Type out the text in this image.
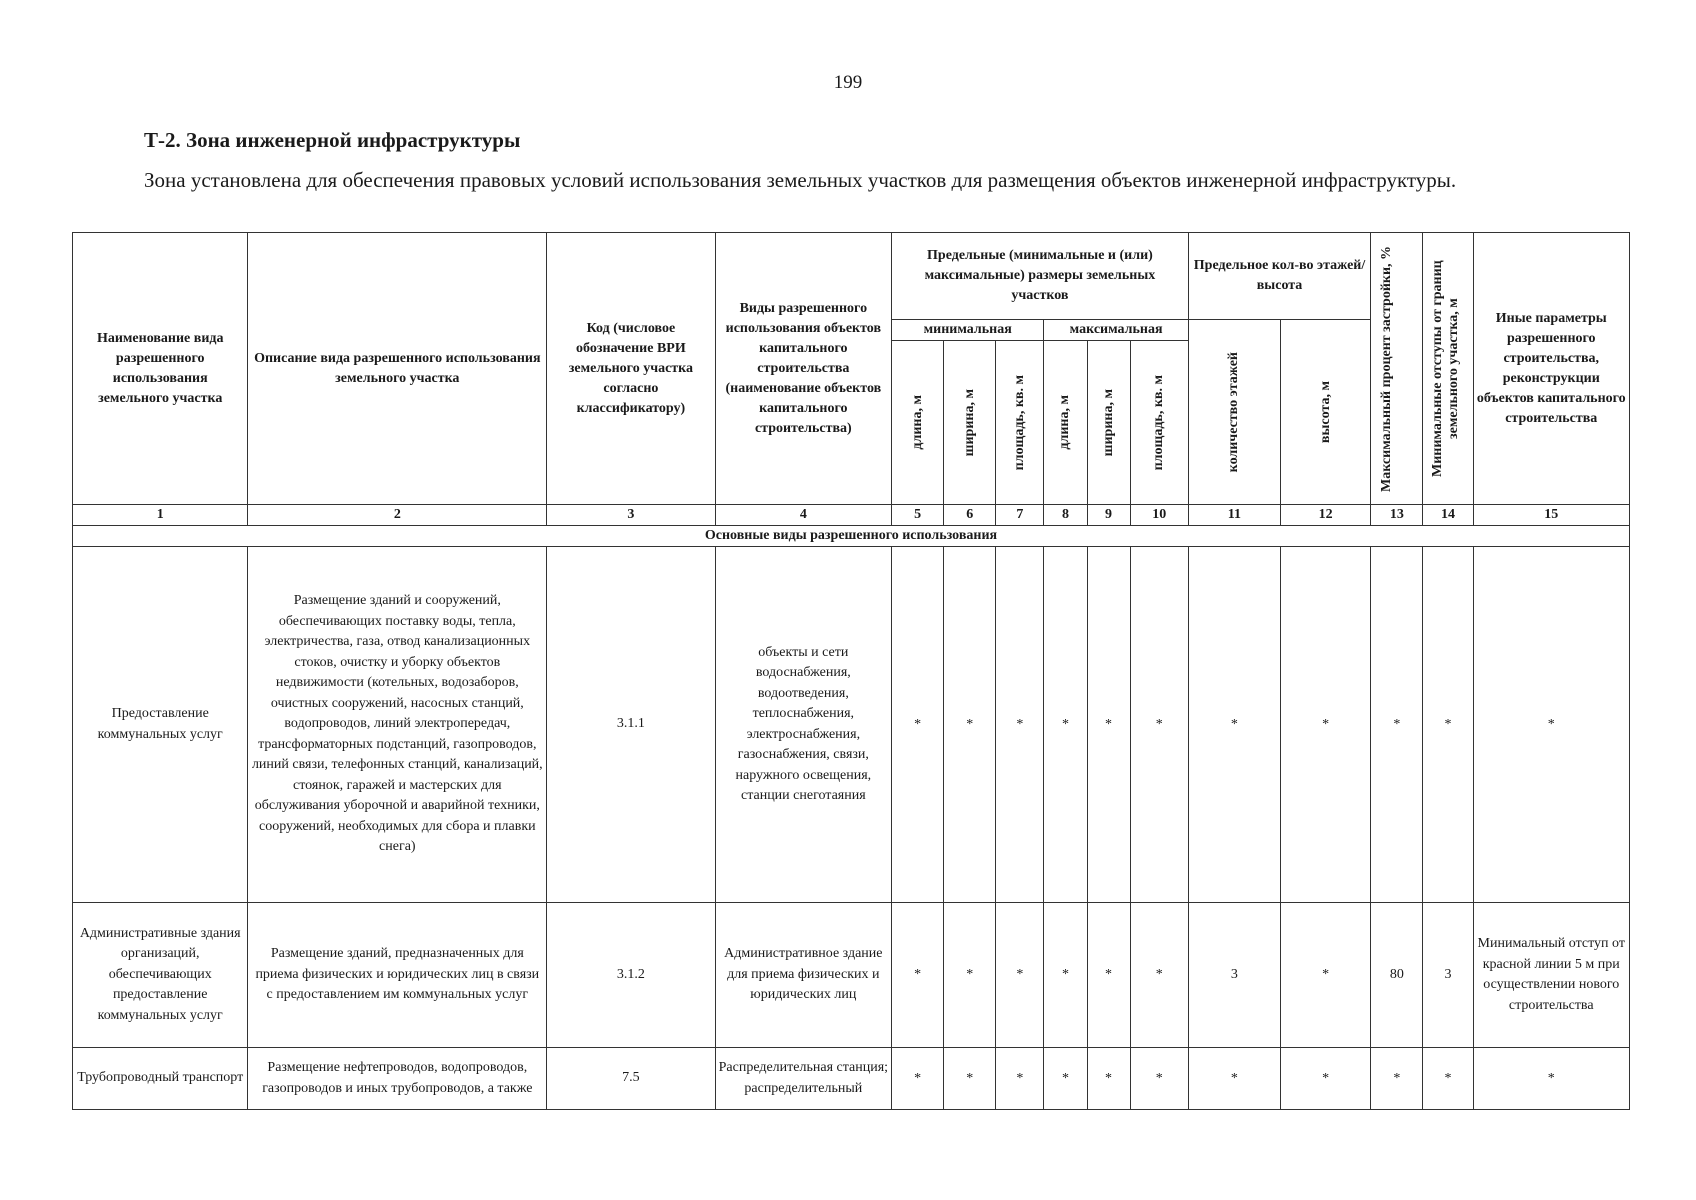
199
Т-2. Зона инженерной инфраструктуры

Зона установлена для обеспечения правовых условий использования земельных участков для размещения объектов инженерной инфраструктуры.

Наименование вида разрешенного использования земельного участка	Описание вида разрешенного использования земельного участка	Код (числовое обозначение ВРИ земельного участка согласно классификатору)	Виды разрешенного использования объектов капитального строительства (наименование объектов капитального строительства)	Предельные (минимальные и (или) максимальные) размеры земельных участков						Предельное кол-во этажей/высота		Максимальный процент застройки, %	Минимальные отступы от границ земельного участка, м	Иные параметры разрешенного строительства, реконструкции объектов капитального строительства
				минимальная			максимальная			количество этажей	высота, м			

				длина, м	ширина, м	площадь, кв. м	длина, м	ширина, м	площадь, кв. м					

1	2	3	4	5	6	7	8	9	10	11	12	13	14	15
Основные виды разрешенного использования														
Предоставление коммунальных услуг	Размещение зданий и сооружений, обеспечивающих поставку воды, тепла, электричества, газа, отвод канализационных стоков, очистку и уборку объектов недвижимости (котельных, водозаборов, очистных сооружений, насосных станций, водопроводов, линий электропередач, трансформаторных подстанций, газопроводов, линий связи, телефонных станций, канализаций, стоянок, гаражей и мастерских для обслуживания уборочной и аварийной техники, сооружений, необходимых для сбора и плавки снега)	3.1.1	объекты и сети водоснабжения, водоотведения, теплоснабжения, электроснабжения, газоснабжения, связи, наружного освещения, станции снеготаяния	*	*	*	*	*	*	*	*	*	*	*
Административные здания организаций, обеспечивающих предоставление коммунальных услуг	Размещение зданий, предназначенных для приема физических и юридических лиц в связи с предоставлением им коммунальных услуг	3.1.2	Административное здание для приема физических и юридических лиц	*	*	*	*	*	*	3	*	80	3	Минимальный отступ от красной линии 5 м при осуществлении нового строительства
Трубопроводный транспорт	Размещение нефтепроводов, водопроводов, газопроводов и иных трубопроводов, а также	7.5	Распределительная станция; распределительный	*	*	*	*	*	*	*	*	*	*	*
